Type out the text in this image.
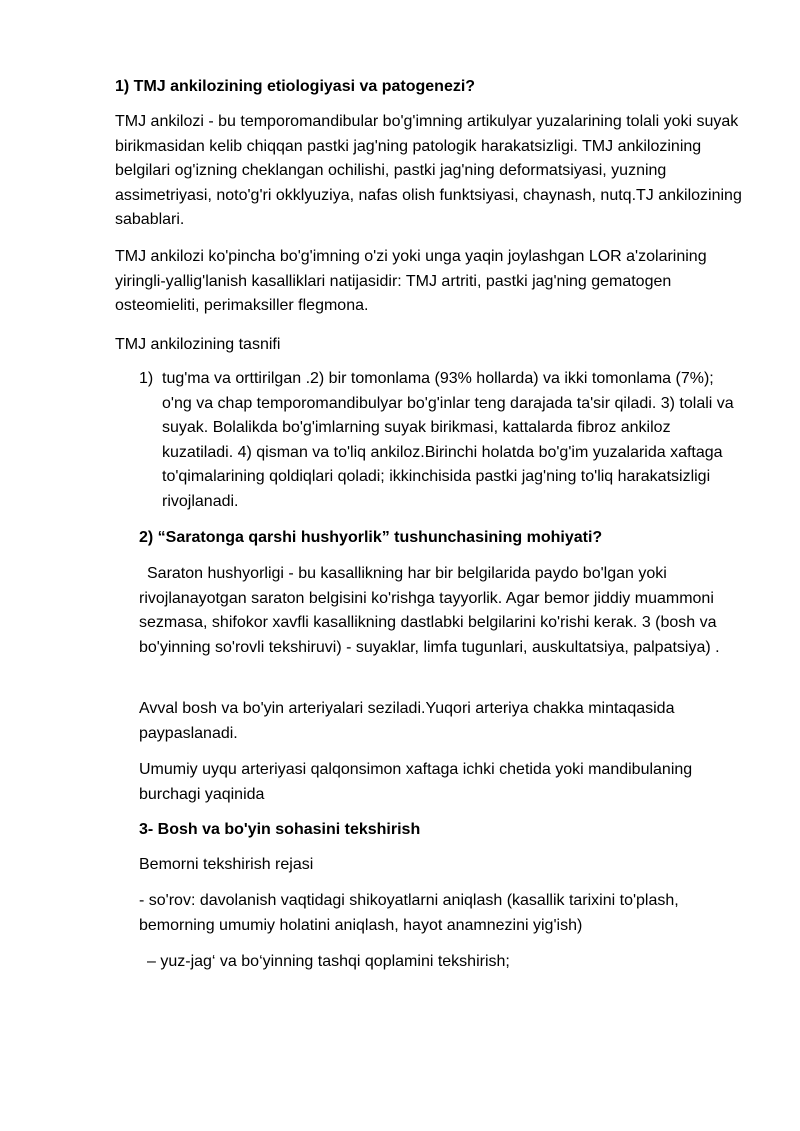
1) TMJ ankilozining etiologiyasi va patogenezi?

TMJ ankilozi - bu temporomandibular bo'g'imning artikulyar yuzalarining tolali yoki suyak birikmasidan kelib chiqqan pastki jag'ning patologik harakatsizligi. TMJ ankilozining belgilari og'izning cheklangan ochilishi, pastki jag'ning deformatsiyasi, yuzning assimetriyasi, noto'g'ri okklyuziya, nafas olish funktsiyasi, chaynash, nutq.TJ ankilozining sabablari.

TMJ ankilozi ko'pincha bo'g'imning o'zi yoki unga yaqin joylashgan LOR a'zolarining yiringli-yallig'lanish kasalliklari natijasidir: TMJ artriti, pastki jag'ning gematogen osteomieliti, perimaksiller flegmona.

TMJ ankilozining tasnifi

1) tug'ma va orttirilgan .2) bir tomonlama (93% hollarda) va ikki tomonlama (7%); o'ng va chap temporomandibulyar bo'g'inlar teng darajada ta'sir qiladi. 3) tolali va suyak. Bolalikda bo'g'imlarning suyak birikmasi, kattalarda fibroz ankiloz kuzatiladi. 4) qisman va to'liq ankiloz.Birinchi holatda bo'g'im yuzalarida xaftaga to'qimalarining qoldiqlari qoladi; ikkinchisida pastki jag'ning to'liq harakatsizligi rivojlanadi.

2) “Saratonga qarshi hushyorlik” tushunchasining mohiyati?

Saraton hushyorligi - bu kasallikning har bir belgilarida paydo bo'lgan yoki rivojlanayotgan saraton belgisini ko'rishga tayyorlik. Agar bemor jiddiy muammoni sezmasa, shifokor xavfli kasallikning dastlabki belgilarini ko'rishi kerak. 3 (bosh va bo'yinning so'rovli tekshiruvi) - suyaklar, limfa tugunlari, auskultatsiya, palpatsiya) .

Avval bosh va bo'yin arteriyalari seziladi.Yuqori arteriya chakka mintaqasida paypaslanadi.

Umumiy uyqu arteriyasi qalqonsimon xaftaga ichki chetida yoki mandibulaning burchagi yaqinida

3- Bosh va bo'yin sohasini tekshirish

Bemorni tekshirish rejasi

- so'rov: davolanish vaqtidagi shikoyatlarni aniqlash (kasallik tarixini to'plash, bemorning umumiy holatini aniqlash, hayot anamnezini yig'ish)

– yuz-jag‘ va bo‘yinning tashqi qoplamini tekshirish;
